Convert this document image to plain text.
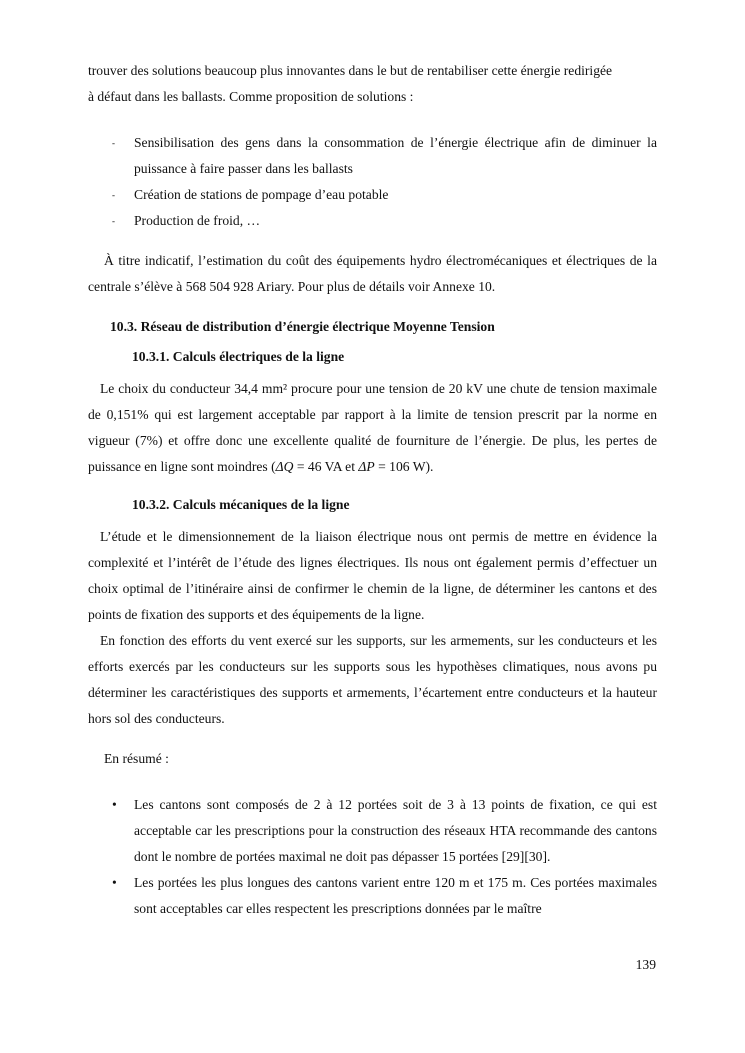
trouver des solutions beaucoup plus innovantes dans le but de rentabiliser cette énergie redirigée
à défaut dans les ballasts. Comme proposition de solutions :

- Sensibilisation des gens dans la consommation de l’énergie électrique afin de diminuer la puissance à faire passer dans les ballasts
- Création de stations de pompage d’eau potable
- Production de froid, …

À titre indicatif, l’estimation du coût des équipements hydro électromécaniques et électriques de la centrale s’élève à 568 504 928 Ariary. Pour plus de détails voir Annexe 10.

10.3. Réseau de distribution d’énergie électrique Moyenne Tension
10.3.1. Calculs électriques de la ligne

Le choix du conducteur 34,4 mm² procure pour une tension de 20 kV une chute de tension maximale de 0,151% qui est largement acceptable par rapport à la limite de tension prescrit par la norme en vigueur (7%) et offre donc une excellente qualité de fourniture de l’énergie. De plus, les pertes de puissance en ligne sont moindres (ΔQ = 46 VA et ΔP = 106 W).

10.3.2. Calculs mécaniques de la ligne

L’étude et le dimensionnement de la liaison électrique nous ont permis de mettre en évidence la complexité et l’intérêt de l’étude des lignes électriques. Ils nous ont également permis d’effectuer un choix optimal de l’itinéraire ainsi de confirmer le chemin de la ligne, de déterminer les cantons et des points de fixation des supports et des équipements de la ligne.

En fonction des efforts du vent exercé sur les supports, sur les armements, sur les conducteurs et les efforts exercés par les conducteurs sur les supports sous les hypothèses climatiques, nous avons pu déterminer les caractéristiques des supports et armements, l’écartement entre conducteurs et la hauteur hors sol des conducteurs.

En résumé :

• Les cantons sont composés de 2 à 12 portées soit de 3 à 13 points de fixation, ce qui est acceptable car les prescriptions pour la construction des réseaux HTA recommande des cantons dont le nombre de portées maximal ne doit pas dépasser 15 portées [29][30].
• Les portées les plus longues des cantons varient entre 120 m et 175 m. Ces portées maximales sont acceptables car elles respectent les prescriptions données par le maître
139
